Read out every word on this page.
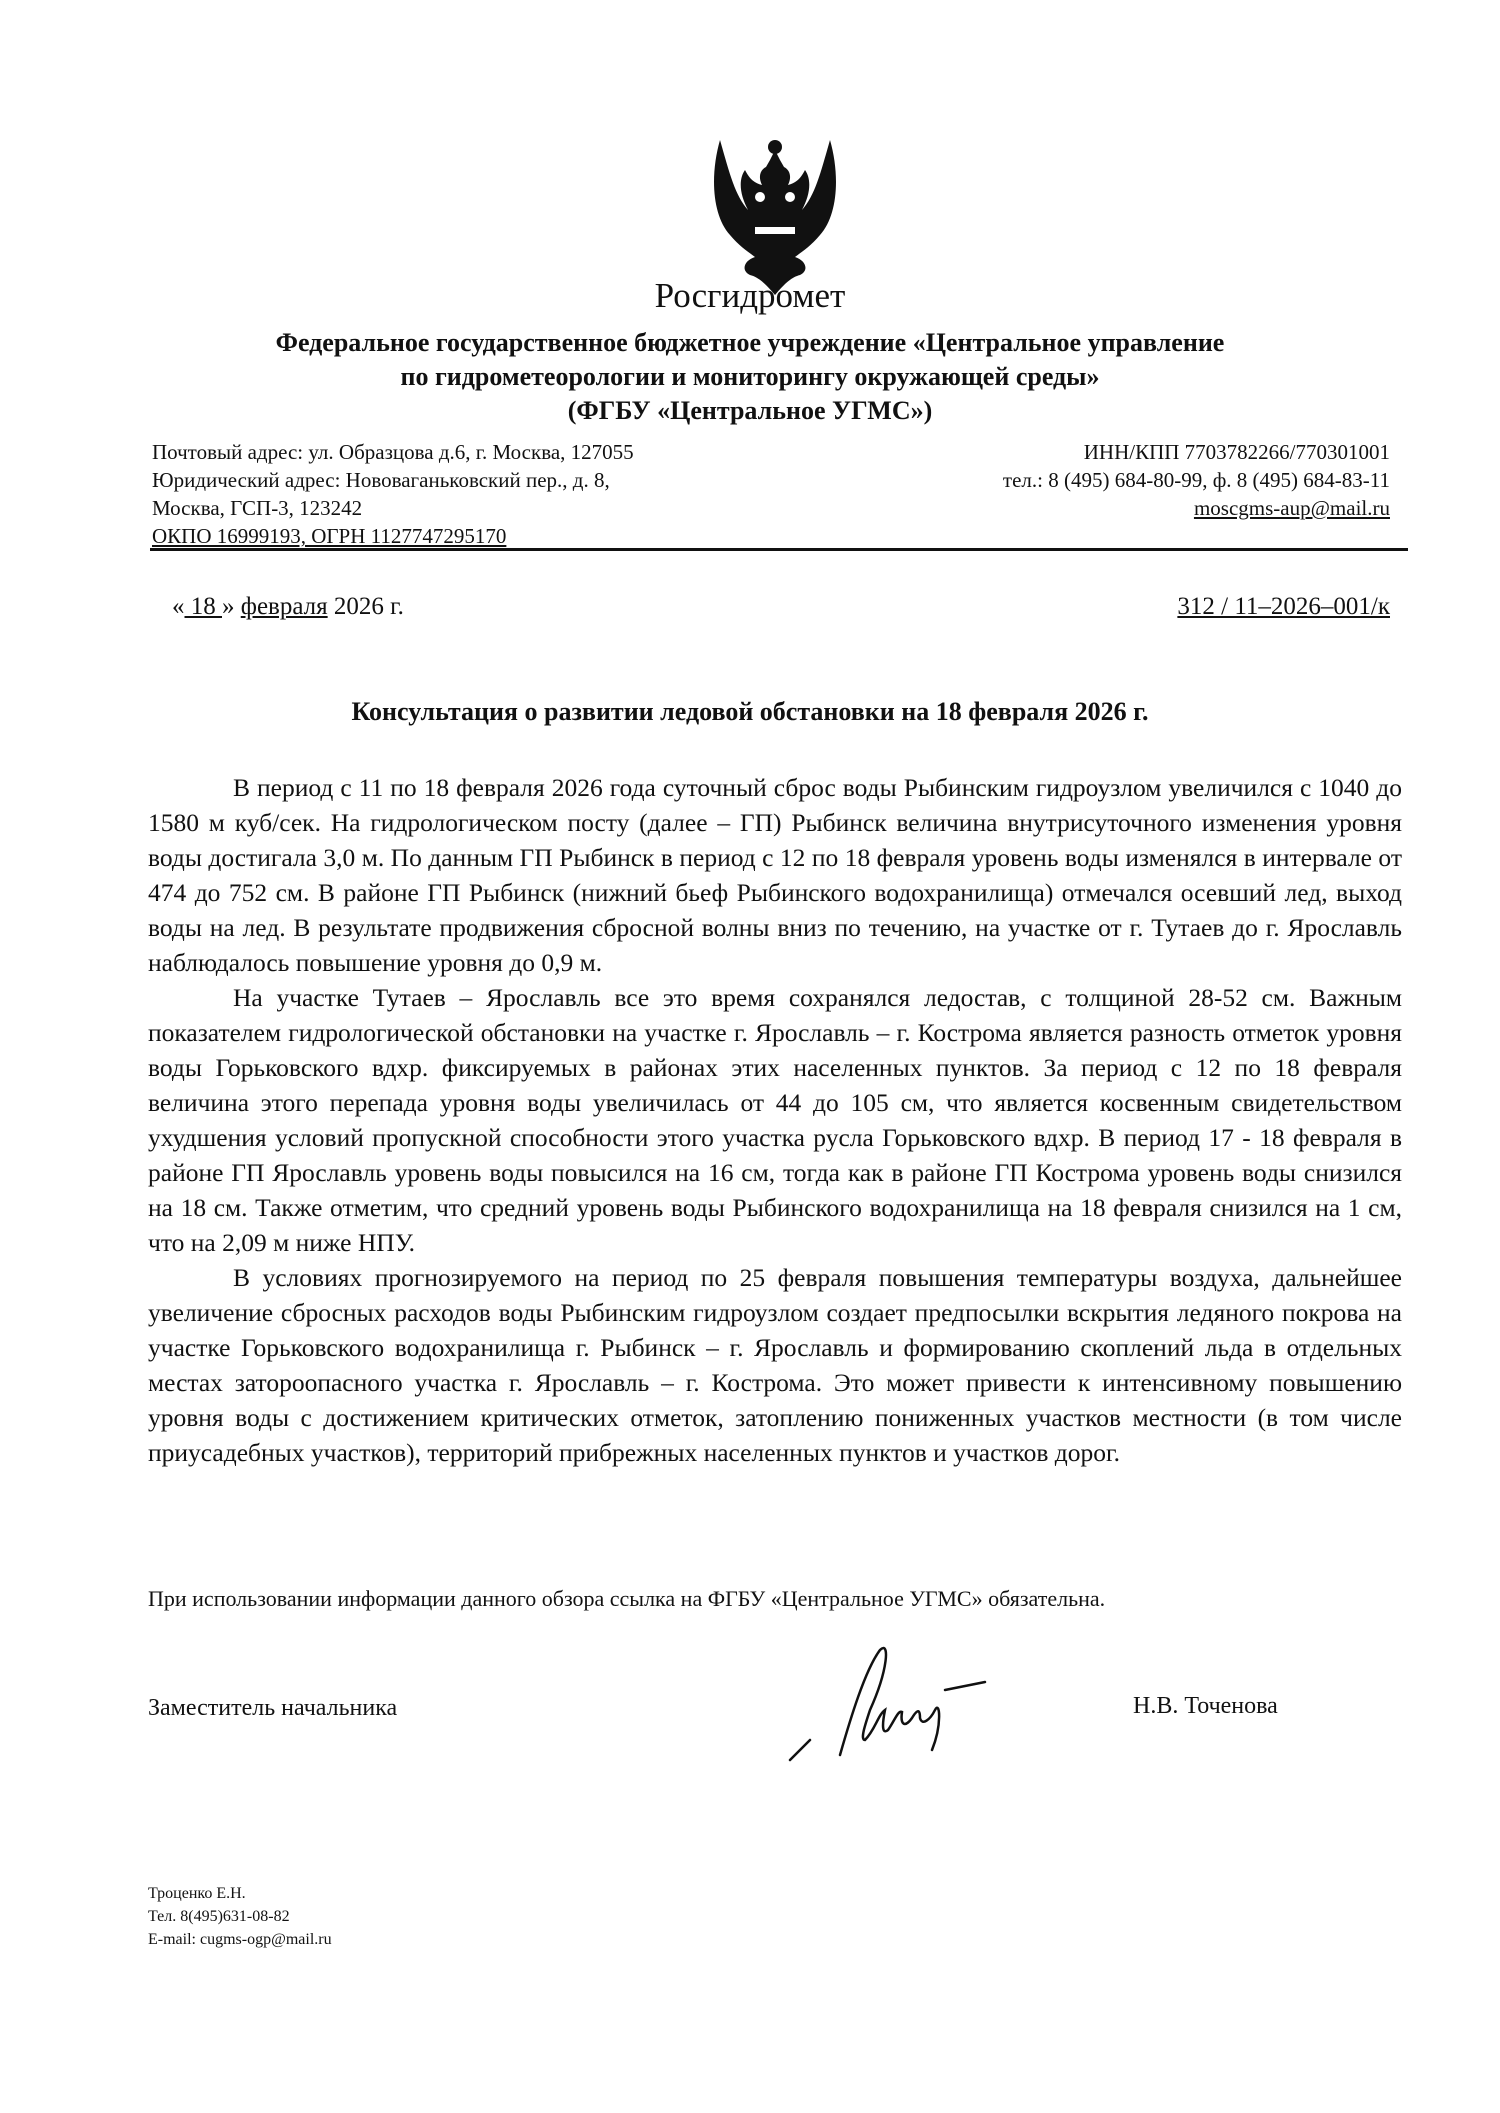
Росгидромет
Федеральное государственное бюджетное учреждение «Центральное управление
по гидрометеорологии и мониторингу окружающей среды»
(ФГБУ «Центральное УГМС»)
Почтовый адрес: ул. Образцова д.6, г. Москва, 127055
Юридический адрес: Нововаганьковский пер., д. 8,
Москва, ГСП-3, 123242
ОКПО 16999193, ОГРН 1127747295170
ИНН/КПП 7703782266/770301001
тел.: 8 (495) 684-80-99, ф. 8 (495) 684-83-11
moscgms-aup@mail.ru
« 18 » февраля 2026 г.	312 / 11–2026–001/к
Консультация о развитии ледовой обстановки на 18 февраля 2026 г.

В период с 11 по 18 февраля 2026 года суточный сброс воды Рыбинским гидроузлом увеличился с 1040 до 1580 м куб/сек. На гидрологическом посту (далее – ГП) Рыбинск величина внутрисуточного изменения уровня воды достигала 3,0 м. По данным ГП Рыбинск в период с 12 по 18 февраля уровень воды изменялся в интервале от 474 до 752 см. В районе ГП Рыбинск (нижний бьеф Рыбинского водохранилища) отмечался осевший лед, выход воды на лед. В результате продвижения сбросной волны вниз по течению, на участке от г. Тутаев до г. Ярославль наблюдалось повышение уровня до 0,9 м.

На участке Тутаев – Ярославль все это время сохранялся ледостав, с толщиной 28-52 см. Важным показателем гидрологической обстановки на участке г. Ярославль – г. Кострома является разность отметок уровня воды Горьковского вдхр. фиксируемых в районах этих населенных пунктов. За период с 12 по 18 февраля величина этого перепада уровня воды увеличилась от 44 до 105 см, что является косвенным свидетельством ухудшения условий пропускной способности этого участка русла Горьковского вдхр. В период 17 - 18 февраля в районе ГП Ярославль уровень воды повысился на 16 см, тогда как в районе ГП Кострома уровень воды снизился на 18 см. Также отметим, что средний уровень воды Рыбинского водохранилища на 18 февраля снизился на 1 см, что на 2,09 м ниже НПУ.

В условиях прогнозируемого на период по 25 февраля повышения температуры воздуха, дальнейшее увеличение сбросных расходов воды Рыбинским гидроузлом создает предпосылки вскрытия ледяного покрова на участке Горьковского водохранилища г. Рыбинск – г. Ярославль и формированию скоплений льда в отдельных местах заторoопасного участка г. Ярославль – г. Кострома. Это может привести к интенсивному повышению уровня воды с достижением критических отметок, затоплению пониженных участков местности (в том числе приусадебных участков), территорий прибрежных населенных пунктов и участков дорог.

При использовании информации данного обзора ссылка на ФГБУ «Центральное УГМС» обязательна.
Заместитель начальника	Н.В. Точенова
Троценко Е.Н.
Тел. 8(495)631-08-82
E-mail: cugms-ogp@mail.ru
